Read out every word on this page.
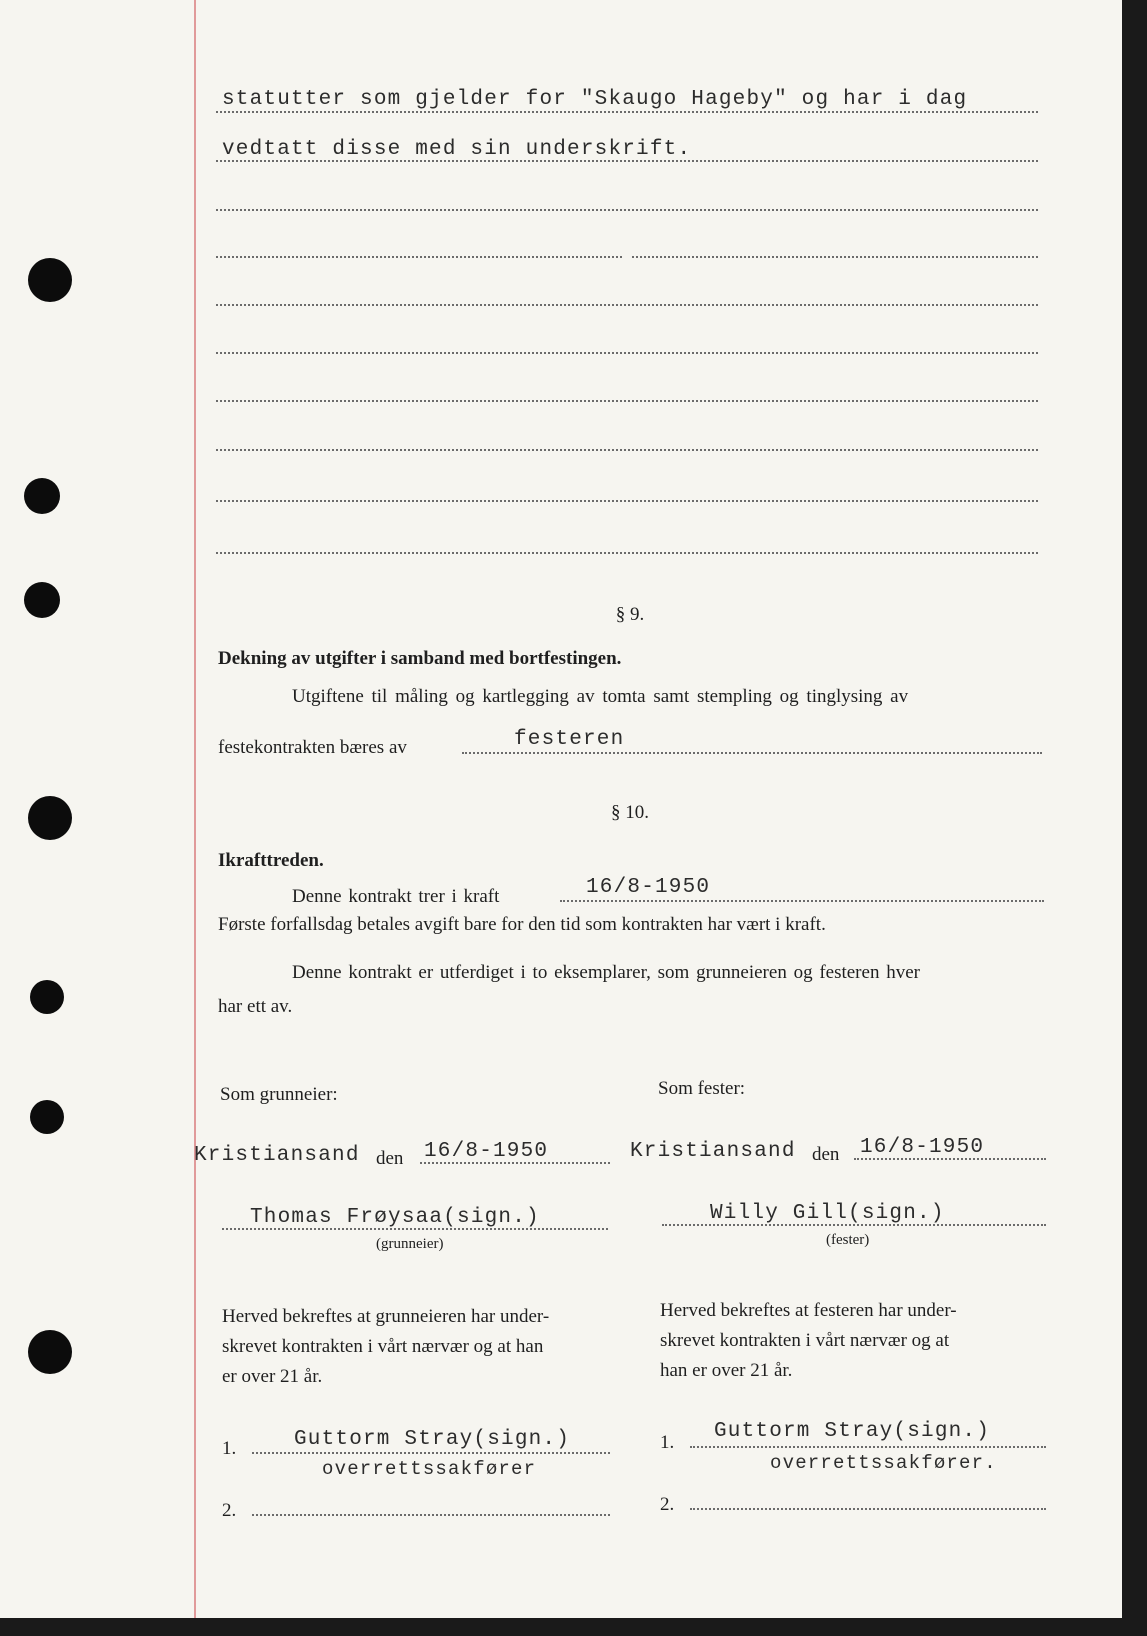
statutter som gjelder for "Skaugo Hageby" og har i dag
vedtatt disse med sin underskrift.
§ 9.
Dekning av utgifter i samband med bortfestingen.
Utgiftene til måling og kartlegging av tomta samt stempling og tinglysing av
festekontrakten bæres av	festeren
§ 10.
Ikrafttreden.
Denne kontrakt trer i kraft	16/8-1950
Første forfallsdag betales avgift bare for den tid som kontrakten har vært i kraft.
Denne kontrakt er utferdiget i to eksemplarer, som grunneieren og festeren hver
har ett av.
Som grunneier:
Kristiansand den 16/8-1950
Thomas Frøysaa(sign.)
(grunneier)
Herved bekreftes at grunneieren har under-
skrevet kontrakten i vårt nærvær og at han
er over 21 år.
1.	Guttorm Stray(sign.)
overrettssakfører
2.
Som fester:
Kristiansand den 16/8-1950
Willy Gill(sign.)
(fester)
Herved bekreftes at festeren har under-
skrevet kontrakten i vårt nærvær og at
han er over 21 år.
1. Guttorm Stray(sign.)
overrettssakfører.
2.
